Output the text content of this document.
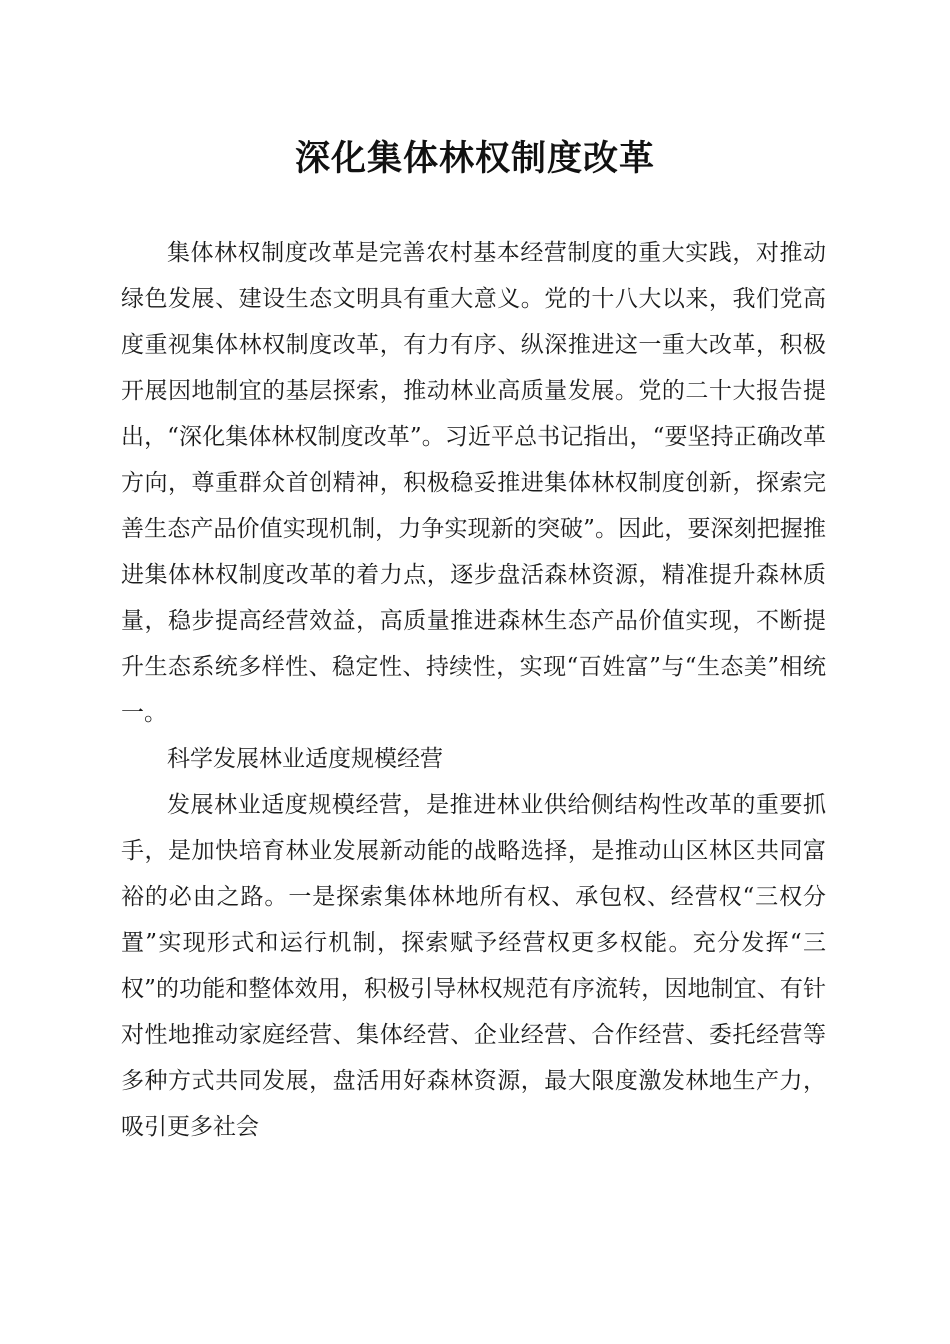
深化集体林权制度改革

集体林权制度改革是完善农村基本经营制度的重大实践，对推动绿色发展、建设生态文明具有重大意义。党的十八大以来，我们党高度重视集体林权制度改革，有力有序、纵深推进这一重大改革，积极开展因地制宜的基层探索，推动林业高质量发展。党的二十大报告提出，“深化集体林权制度改革”。习近平总书记指出，“要坚持正确改革方向，尊重群众首创精神，积极稳妥推进集体林权制度创新，探索完善生态产品价值实现机制，力争实现新的突破”。因此，要深刻把握推进集体林权制度改革的着力点，逐步盘活森林资源，精准提升森林质量，稳步提高经营效益，高质量推进森林生态产品价值实现，不断提升生态系统多样性、稳定性、持续性，实现“百姓富”与“生态美”相统一。

科学发展林业适度规模经营

发展林业适度规模经营，是推进林业供给侧结构性改革的重要抓手，是加快培育林业发展新动能的战略选择，是推动山区林区共同富裕的必由之路。一是探索集体林地所有权、承包权、经营权“三权分置”实现形式和运行机制，探索赋予经营权更多权能。充分发挥“三权”的功能和整体效用，积极引导林权规范有序流转，因地制宜、有针对性地推动家庭经营、集体经营、企业经营、合作经营、委托经营等多种方式共同发展，盘活用好森林资源，最大限度激发林地生产力，吸引更多社会
